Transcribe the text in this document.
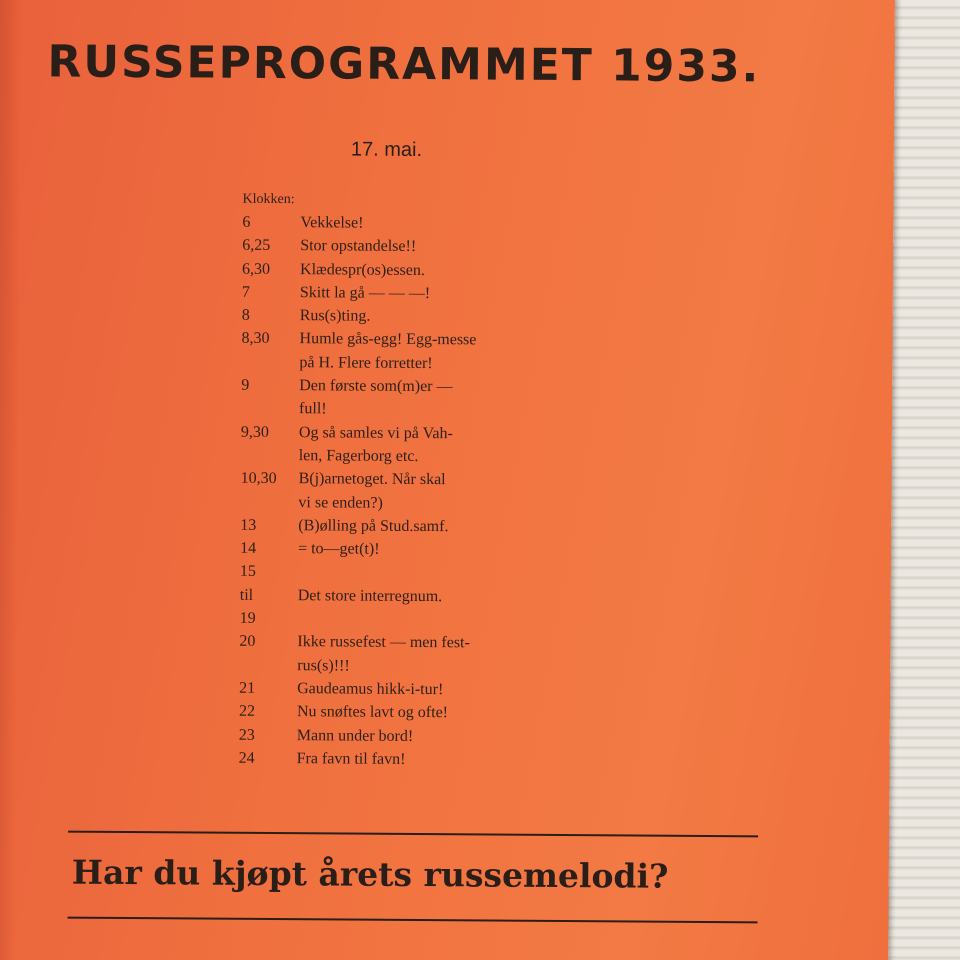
RUSSEPROGRAMMET 1933.
17. mai.
Klokken:
6	Vekkelse!
6,25	Stor opstandelse!!
6,30	Klædespr(os)essen.
7	Skitt la gå — — —!
8	Rus(s)ting.
8,30	Humle gås-egg! Egg-messe
på H. Flere forretter!
9	Den første som(m)er —
full!
9,30	Og så samles vi på Vah-
len, Fagerborg etc.
10,30	B(j)arnetoget. Når skal
vi se enden?)
13	(B)ølling på Stud.samf.
14	= to—get(t)!
15
til	Det store interregnum.
19
20	Ikke russefest — men fest-
rus(s)!!!
21	Gaudeamus hikk-i-tur!
22	Nu snøftes lavt og ofte!
23	Mann under bord!
24	Fra favn til favn!
Har du kjøpt årets russemelodi?
